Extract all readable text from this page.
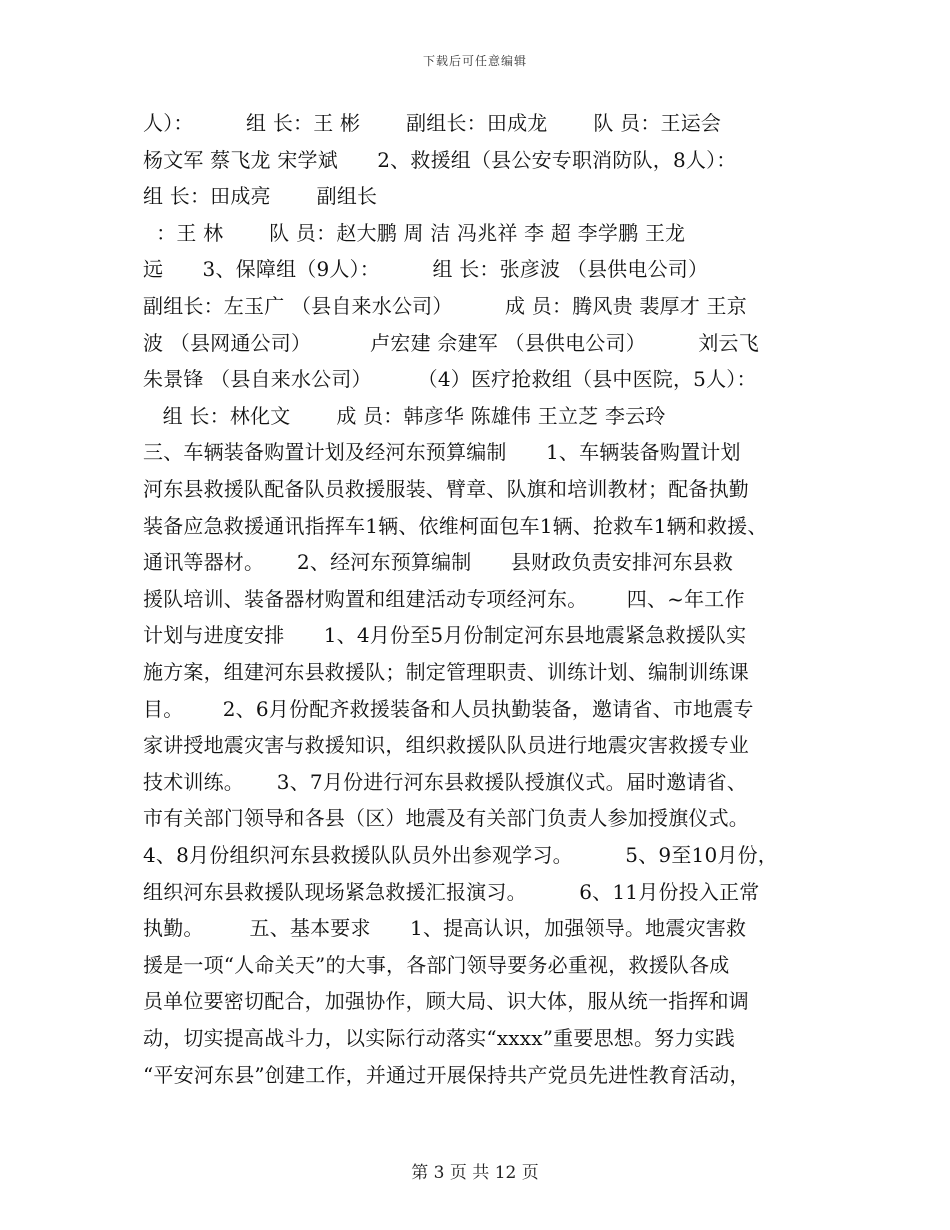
下载后可任意编辑
人）：        组 长：王 彬       副组长：田成龙       队 员：王运会
杨文军 蔡飞龙 宋学斌      2、救援组（县公安专职消防队，8人）：
组 长：田成亮       副组长
：王 林       队 员：赵大鹏 周 洁 冯兆祥 李 超 李学鹏 王龙
远      3、保障组（9人）：        组 长：张彦波 （县供电公司）
副组长：左玉广 （县自来水公司）        成 员：腾风贵 裴厚才 王京
波 （县网通公司）         卢宏建 佘建军 （县供电公司）        刘云飞
朱景锋 （县自来水公司）       （4）医疗抢救组（县中医院，5人）：
组 长：林化文       成 员：韩彦华 陈雄伟 王立芝 李云玲
三、车辆装备购置计划及经河东预算编制      1、车辆装备购置计划
河东县救援队配备队员救援服装、臂章、队旗和培训教材；配备执勤
装备应急救援通讯指挥车1辆、依维柯面包车1辆、抢救车1辆和救援、
通讯等器材。     2、经河东预算编制      县财政负责安排河东县救
援队培训、装备器材购置和组建活动专项经河东。      四、~年工作
计划与进度安排      1、4月份至5月份制定河东县地震紧急救援队实
施方案，组建河东县救援队；制定管理职责、训练计划、编制训练课
目。      2、6月份配齐救援装备和人员执勤装备，邀请省、市地震专
家讲授地震灾害与救援知识，组织救援队队员进行地震灾害救援专业
技术训练。     3、7月份进行河东县救援队授旗仪式。届时邀请省、
市有关部门领导和各县（区）地震及有关部门负责人参加授旗仪式。
4、8月份组织河东县救援队队员外出参观学习。        5、9至10月份，
组织河东县救援队现场紧急救援汇报演习。        6、11月份投入正常
执勤。       五、基本要求      1、提高认识，加强领导。地震灾害救
援是一项“人命关天”的大事，各部门领导要务必重视，救援队各成
员单位要密切配合，加强协作，顾大局、识大体，服从统一指挥和调
动，切实提高战斗力，以实际行动落实“xxxx”重要思想。努力实践
“平安河东县”创建工作，并通过开展保持共产党员先进性教育活动，
第 3 页 共 12 页
